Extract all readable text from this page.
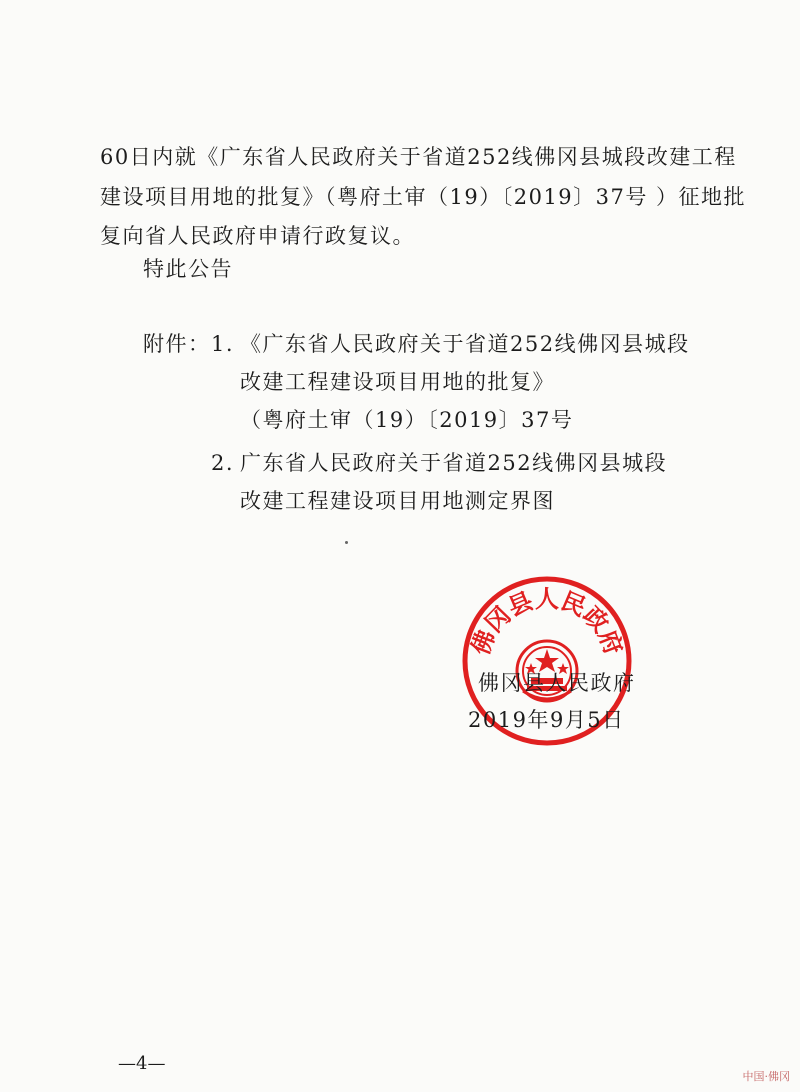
60日内就《广东省人民政府关于省道252线佛冈县城段改建工程
建设项目用地的批复》（粤府土审（19）〔2019〕37号 ）征地批
复向省人民政府申请行政复议。
特此公告
附件： 1. 《广东省人民政府关于省道252线佛冈县城段
改建工程建设项目用地的批复》
（粤府土审（19）〔2019〕37号
2. 广东省人民政府关于省道252线佛冈县城段
改建工程建设项目用地测定界图
佛冈县人民政府
佛冈县人民政府
2019年9月5日
—4—
中国·佛冈
